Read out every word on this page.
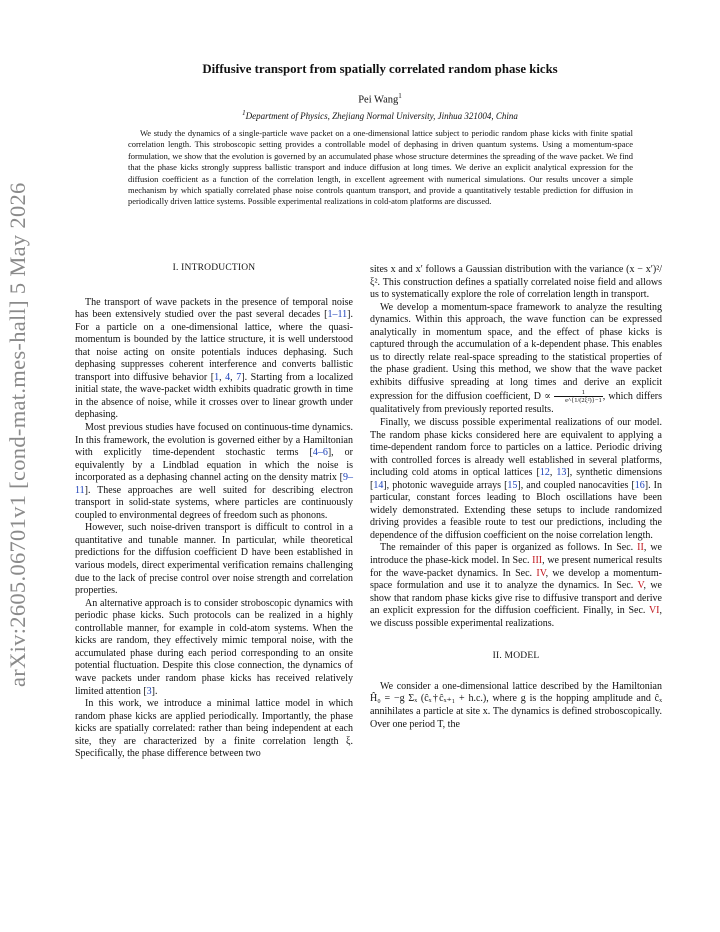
arXiv:2605.06701v1 [cond-mat.mes-hall] 5 May 2026
Diffusive transport from spatially correlated random phase kicks
Pei Wang$^1$
$^1$Department of Physics, Zhejiang Normal University, Jinhua 321004, China
We study the dynamics of a single-particle wave packet on a one-dimensional lattice subject to periodic random phase kicks with finite spatial correlation length. This stroboscopic setting provides a controllable model of dephasing in driven quantum systems. Using a momentum-space formulation, we show that the evolution is governed by an accumulated phase whose structure determines the spreading of the wave packet. We find that the phase kicks strongly suppress ballistic transport and induce diffusion at long times. We derive an explicit analytical expression for the diffusion coefficient as a function of the correlation length, in excellent agreement with numerical simulations. Our results uncover a simple mechanism by which spatially correlated phase noise controls quantum transport, and provide a quantitatively testable prediction for diffusion in periodically driven lattice systems. Possible experimental realizations in cold-atom platforms are discussed.
I. INTRODUCTION

The transport of wave packets in the presence of temporal noise has been extensively studied over the past several decades [1–11]. For a particle on a one-dimensional lattice, where the quasi-momentum is bounded by the lattice structure, it is well understood that noise acting on onsite potentials induces dephasing. Such dephasing suppresses coherent interference and converts ballistic transport into diffusive behavior [1, 4, 7]. Starting from a localized initial state, the wave-packet width exhibits quadratic growth in time in the absence of noise, while it crosses over to linear growth under dephasing.

Most previous studies have focused on continuous-time dynamics. In this framework, the evolution is governed either by a Hamiltonian with explicitly time-dependent stochastic terms [4–6], or equivalently by a Lindblad equation in which the noise is incorporated as a dephasing channel acting on the density matrix [9–11]. These approaches are well suited for describing electron transport in solid-state systems, where particles are continuously coupled to environmental degrees of freedom such as phonons.

However, such noise-driven transport is difficult to control in a quantitative and tunable manner. In particular, while theoretical predictions for the diffusion coefficient D have been established in various models, direct experimental verification remains challenging due to the lack of precise control over noise strength and correlation properties.

An alternative approach is to consider stroboscopic dynamics with periodic phase kicks. Such protocols can be realized in a highly controllable manner, for example in cold-atom systems. When the kicks are random, they effectively mimic temporal noise, with the accumulated phase during each period corresponding to an onsite potential fluctuation. Despite this close connection, the dynamics of wave packets under random phase kicks has received relatively limited attention [3].

In this work, we introduce a minimal lattice model in which random phase kicks are applied periodically. Importantly, the phase kicks are spatially correlated: rather than being independent at each site, they are characterized by a finite correlation length ξ. Specifically, the phase difference between two

sites x and x′ follows a Gaussian distribution with the variance (x − x′)²/ξ². This construction defines a spatially correlated noise field and allows us to systematically explore the role of correlation length in transport.

We develop a momentum-space framework to analyze the resulting dynamics. Within this approach, the wave function can be expressed analytically in momentum space, and the effect of phase kicks is captured through the accumulation of a k-dependent phase. This enables us to directly relate real-space spreading to the statistical properties of the phase gradient. Using this method, we show that the wave packet exhibits diffusive spreading at long times and derive an explicit expression for the diffusion coefficient, $D \propto \frac{1}{\text{e\textasciicircum{}\{1/(2ξ²)\}−1}}$ , which differs qualitatively from previously reported results.

Finally, we discuss possible experimental realizations of our model. The random phase kicks considered here are equivalent to applying a time-dependent random force to particles on a lattice. Periodic driving with controlled forces is already well established in several platforms, including cold atoms in optical lattices [12, 13], synthetic dimensions [14], photonic waveguide arrays [15], and coupled nanocavities [16]. In particular, constant forces leading to Bloch oscillations have been widely demonstrated. Extending these setups to include randomized driving provides a feasible route to test our predictions, including the dependence of the diffusion coefficient on the noise correlation length.

The remainder of this paper is organized as follows. In Sec. II, we introduce the phase-kick model. In Sec. III, we present numerical results for the wave-packet dynamics. In Sec. IV, we develop a momentum-space formulation and use it to analyze the dynamics. In Sec. V, we show that random phase kicks give rise to diffusive transport and derive an explicit expression for the diffusion coefficient. Finally, in Sec. VI, we discuss possible experimental realizations.

II. MODEL

We consider a one-dimensional lattice described by the Hamiltonian Ĥ₀ = −g Σₓ (ĉₓ†ĉₓ₊₁ + h.c.), where g is the hopping amplitude and ĉₓ annihilates a particle at site x. The dynamics is defined stroboscopically. Over one period T, the
